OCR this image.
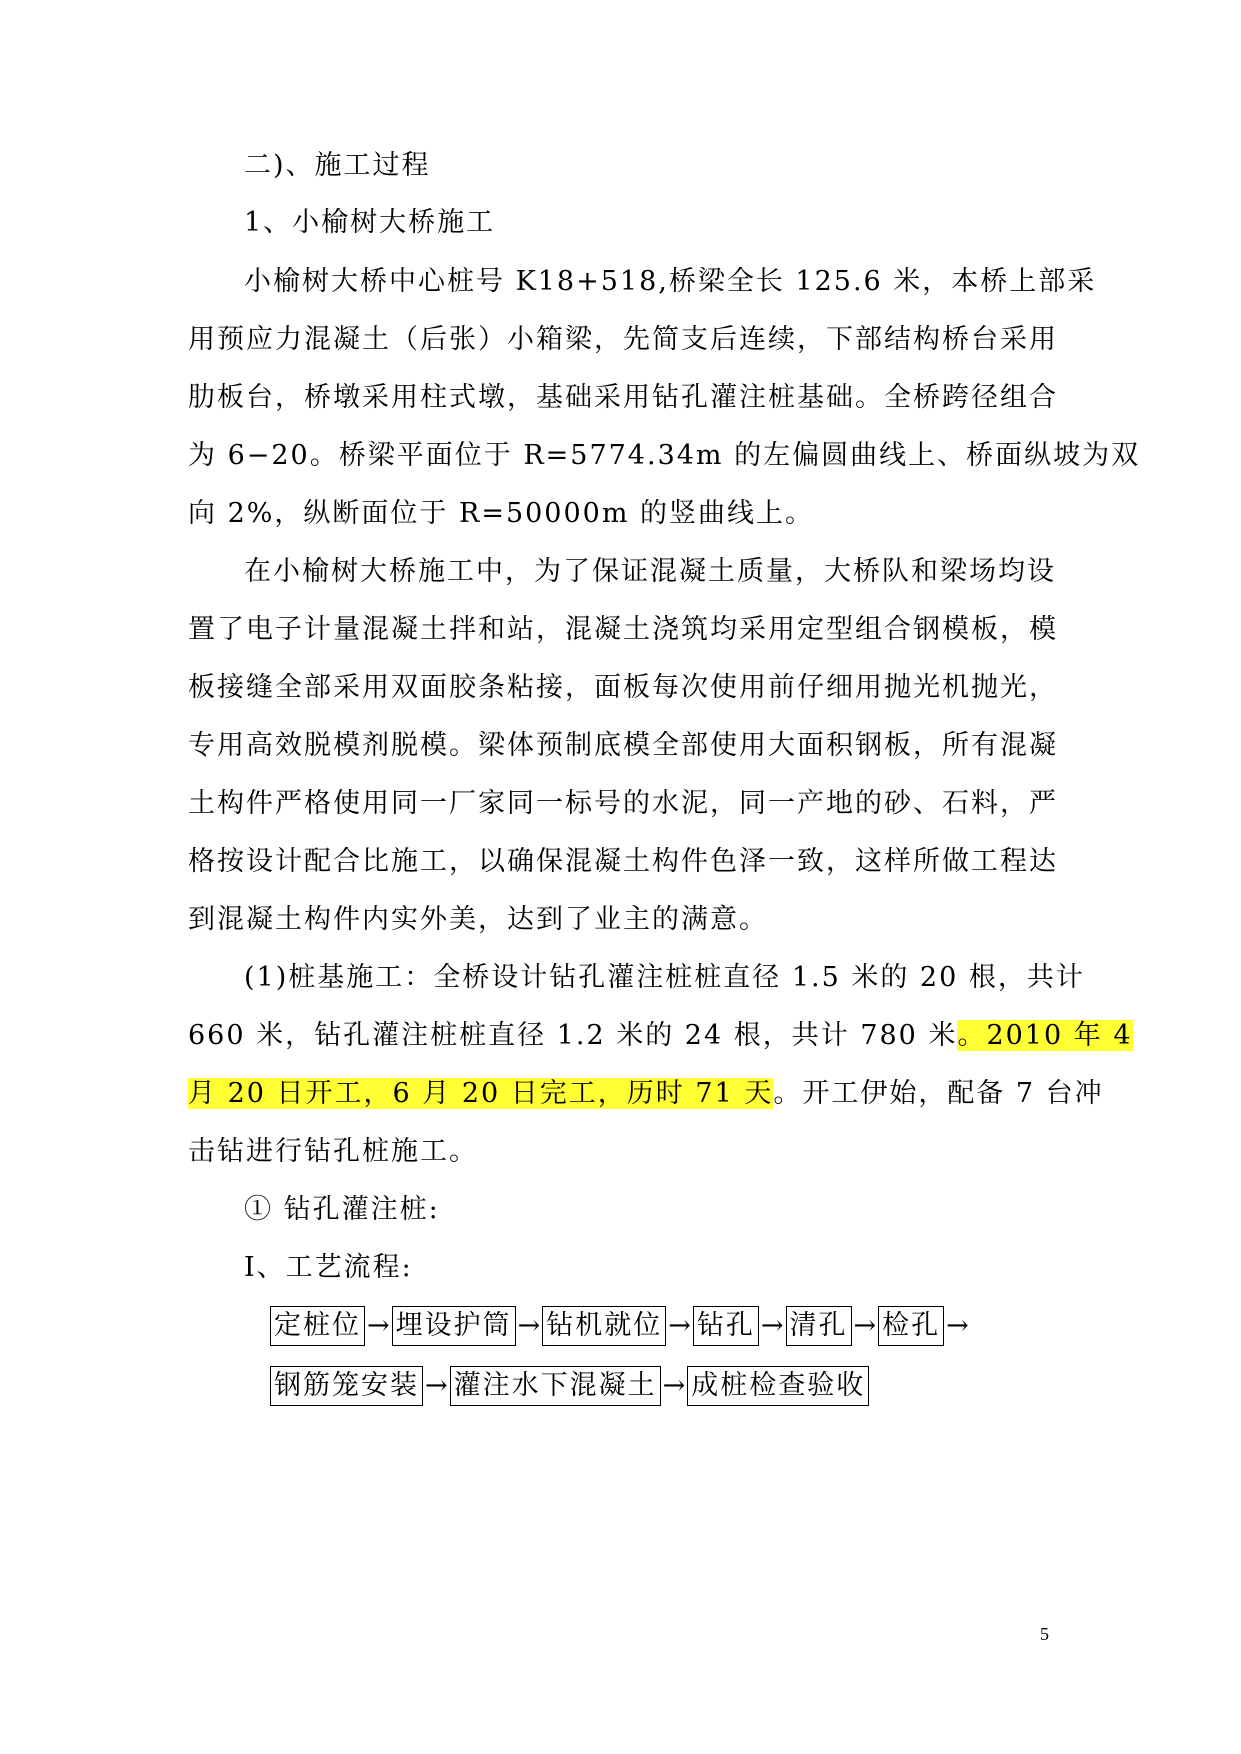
二)、施工过程
1、小榆树大桥施工
小榆树大桥中心桩号 K18+518,桥梁全长 125.6 米，本桥上部采
用预应力混凝土（后张）小箱梁，先简支后连续，下部结构桥台采用
肋板台，桥墩采用柱式墩，基础采用钻孔灌注桩基础。全桥跨径组合
为 6−20。桥梁平面位于 R=5774.34m 的左偏圆曲线上、桥面纵坡为双
向 2%，纵断面位于 R=50000m 的竖曲线上。
在小榆树大桥施工中，为了保证混凝土质量，大桥队和梁场均设
置了电子计量混凝土拌和站，混凝土浇筑均采用定型组合钢模板，模
板接缝全部采用双面胶条粘接，面板每次使用前仔细用抛光机抛光，
专用高效脱模剂脱模。梁体预制底模全部使用大面积钢板，所有混凝
土构件严格使用同一厂家同一标号的水泥，同一产地的砂、石料，严
格按设计配合比施工，以确保混凝土构件色泽一致，这样所做工程达
到混凝土构件内实外美，达到了业主的满意。
(1)桩基施工：全桥设计钻孔灌注桩桩直径 1.5 米的 20 根，共计
660 米，钻孔灌注桩桩直径 1.2 米的 24 根，共计 780 米。2010 年 4
月 20 日开工，6 月 20 日完工，历时 71 天。开工伊始，配备 7 台冲
击钻进行钻孔桩施工。
① 钻孔灌注桩:
Ⅰ、工艺流程:
定桩位 → 埋设护筒 → 钻机就位 → 钻孔 → 清孔 → 检孔 →
钢筋笼安装 → 灌注水下混凝土 → 成桩检查验收
5
